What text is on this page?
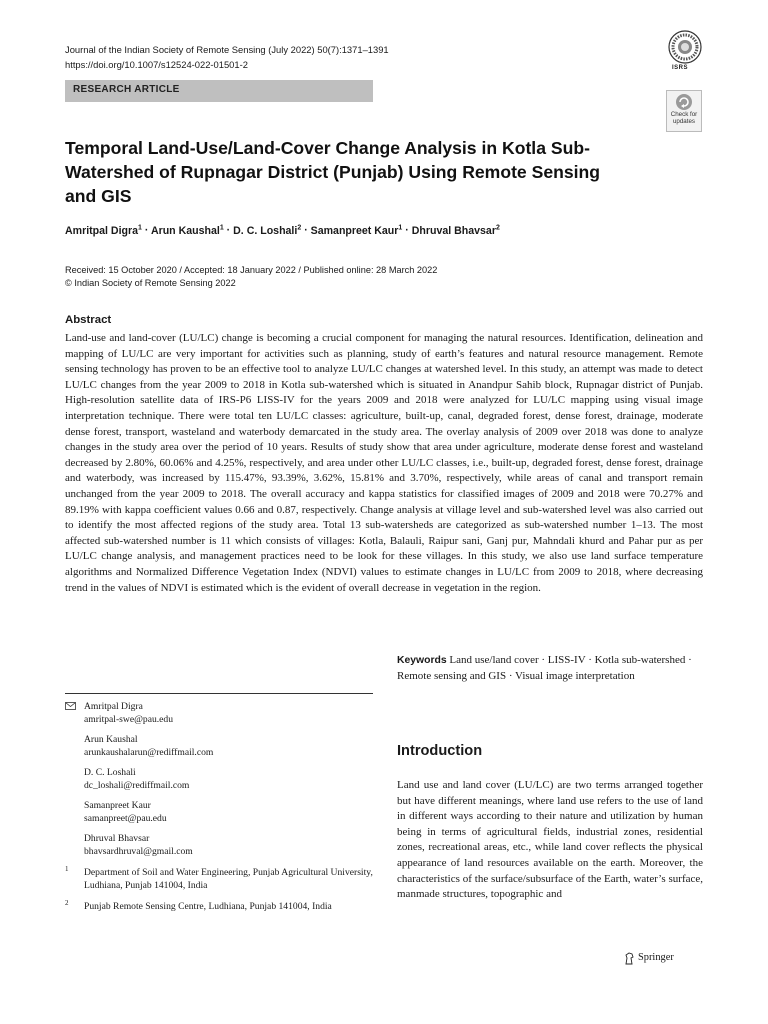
Journal of the Indian Society of Remote Sensing (July 2022) 50(7):1371–1391
https://doi.org/10.1007/s12524-022-01501-2	ISRS
Check for
updates
RESEARCH ARTICLE
Temporal Land-Use/Land-Cover Change Analysis in Kotla Sub-Watershed of Rupnagar District (Punjab) Using Remote Sensing and GIS
Amritpal Digra$^1$ · Arun Kaushal$^1$ · D. C. Loshali$^2$ · Samanpreet Kaur$^1$ · Dhruval Bhavsar$^2$
Received: 15 October 2020 / Accepted: 18 January 2022 / Published online: 28 March 2022
© Indian Society of Remote Sensing 2022
Abstract
Land-use and land-cover (LU/LC) change is becoming a crucial component for managing the natural resources. Identification, delineation and mapping of LU/LC are very important for activities such as planning, study of earth’s features and natural resource management. Remote sensing technology has proven to be an effective tool to analyze LU/LC changes at watershed level. In this study, an attempt was made to detect LU/LC changes from the year 2009 to 2018 in Kotla sub-watershed which is situated in Anandpur Sahib block, Rupnagar district of Punjab. High-resolution satellite data of IRS-P6 LISS-IV for the years 2009 and 2018 were analyzed for LU/LC mapping using visual image interpretation technique. There were total ten LU/LC classes: agriculture, built-up, canal, degraded forest, dense forest, drainage, moderate dense forest, transport, wasteland and waterbody demarcated in the study area. The overlay analysis of 2009 over 2018 was done to analyze changes in the study area over the period of 10 years. Results of study show that area under agriculture, moderate dense forest and wasteland decreased by 2.80%, 60.06% and 4.25%, respectively, and area under other LU/LC classes, i.e., built-up, degraded forest, dense forest, drainage and waterbody, was increased by 115.47%, 93.39%, 3.62%, 15.81% and 3.70%, respectively, while areas of canal and transport remain unchanged from the year 2009 to 2018. The overall accuracy and kappa statistics for classified images of 2009 and 2018 were 70.27% and 89.19% with kappa coefficient values 0.66 and 0.87, respectively. Change analysis at village level and sub-watershed level was also carried out to identify the most affected regions of the study area. Total 13 sub-watersheds are categorized as sub-watershed number 1–13. The most affected sub-watershed number is 11 which consists of villages: Kotla, Balauli, Raipur sani, Ganj pur, Mahndali khurd and Pahar pur as per LU/LC change analysis, and management practices need to be look for these villages. In this study, we also use land surface temperature algorithms and Normalized Difference Vegetation Index (NDVI) values to estimate changes in LU/LC from 2009 to 2018, where decreasing trend in the values of NDVI is estimated which is the evident of overall decrease in vegetation in the region.
Keywords Land use/land cover · LISS-IV · Kotla sub-watershed · Remote sensing and GIS · Visual image interpretation
Amritpal Digra
amritpal-swe@pau.edu
Arun Kaushal
arunkaushalarun@rediffmail.com
D. C. Loshali
dc_loshali@rediffmail.com
Samanpreet Kaur
samanpreet@pau.edu
Dhruval Bhavsar
bhavsardhruval@gmail.com
1 Department of Soil and Water Engineering, Punjab Agricultural University, Ludhiana, Punjab 141004, India
2 Punjab Remote Sensing Centre, Ludhiana, Punjab 141004, India
Introduction
Land use and land cover (LU/LC) are two terms arranged together but have different meanings, where land use refers to the use of land in different ways according to their nature and utilization by human being in terms of agricultural fields, industrial zones, residential zones, recreational areas, etc., while land cover reflects the physical appearance of land resources available on the earth. Moreover, the characteristics of the surface/subsurface of the Earth, water’s surface, manmade structures, topographic and
Springer
